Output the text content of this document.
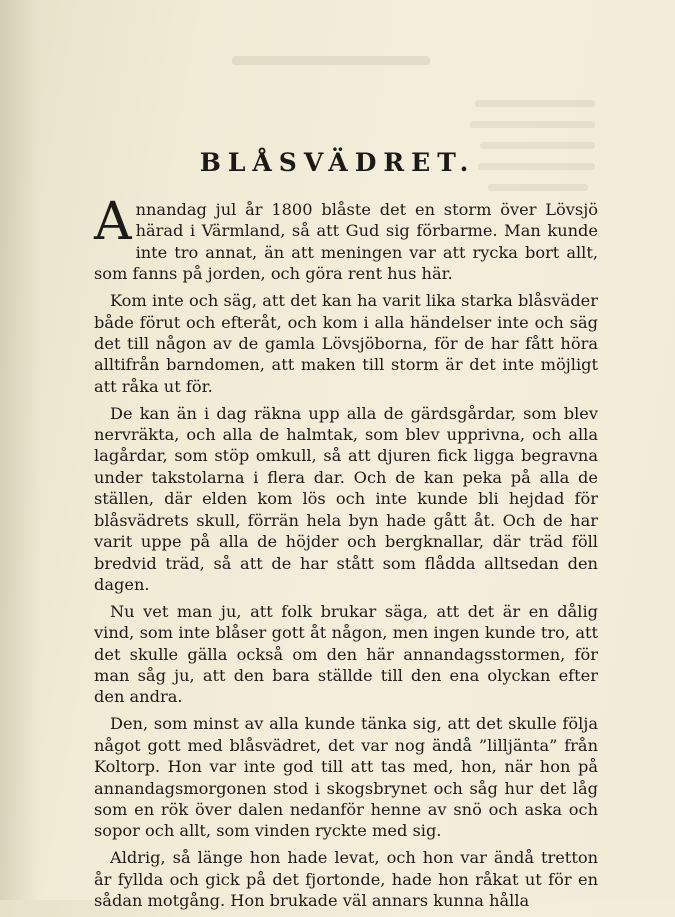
BLÅSVÄDRET.

Annandag jul år 1800 blåste det en storm över Lövsjö härad i Värmland, så att Gud sig förbarme. Man kunde inte tro annat, än att meningen var att rycka bort allt, som fanns på jorden, och göra rent hus här.

Kom inte och säg, att det kan ha varit lika starka blåsväder både förut och efteråt, och kom i alla händelser inte och säg det till någon av de gamla Lövsjöborna, för de har fått höra alltifrån barndomen, att maken till storm är det inte möjligt att råka ut för.

De kan än i dag räkna upp alla de gärdsgårdar, som blev nervräkta, och alla de halmtak, som blev upprivna, och alla lagårdar, som stöp omkull, så att djuren fick ligga begravna under takstolarna i flera dar. Och de kan peka på alla de ställen, där elden kom lös och inte kunde bli hejdad för blåsvädrets skull, förrän hela byn hade gått åt. Och de har varit uppe på alla de höjder och bergknallar, där träd föll bredvid träd, så att de har stått som flådda alltsedan den dagen.

Nu vet man ju, att folk brukar säga, att det är en dålig vind, som inte blåser gott åt någon, men ingen kunde tro, att det skulle gälla också om den här annandagsstormen, för man såg ju, att den bara ställde till den ena olyckan efter den andra.

Den, som minst av alla kunde tänka sig, att det skulle följa något gott med blåsvädret, det var nog ändå ”lilljänta” från Koltorp. Hon var inte god till att tas med, hon, när hon på annandagsmorgonen stod i skogsbrynet och såg hur det låg som en rök över dalen nedanför henne av snö och aska och sopor och allt, som vinden ryckte med sig.

Aldrig, så länge hon hade levat, och hon var ändå tretton år fyllda och gick på det fjortonde, hade hon råkat ut för en sådan motgång. Hon brukade väl annars kunna hålla
